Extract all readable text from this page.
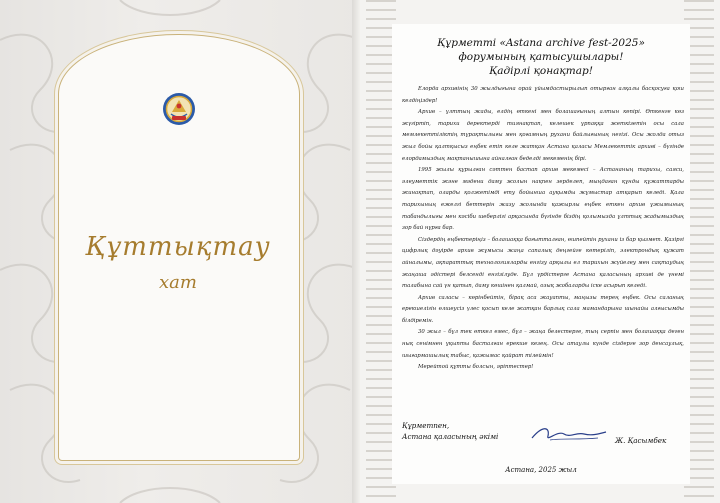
Құттықтау
хат
Құрметті «Astana archive fest-2025»
форумының қатысушылары!
Қадірлі қонақтар!

Елорда архивінің 30 жылдығына орай ұйымдастырылып отырған алқалы басқосуға қош келдіңіздер!

Архив – ұлттың жады, елдің өткені мен болашағының алтын көпірі. Өткенге көз жүгіртіп, тарихи деректерді тиянақтап, келешек ұрпаққа жеткізетін осы сала мемлекеттіліктің тұрақтылығы мен қоғамның рухани байлығының негізі. Осы жолда отыз жыл бойы қалтқысыз еңбек етіп келе жатқан Астана қаласы Мемлекеттік архиві – бүгінде елордамыздың мақтанышына айналған беделді мекеменің бірі.

1995 жылы құрылған сәттен бастап архив мекемесі – Астананың тарихы, саяси, әлеуметтік және мәдени даму жолын нақпен зерделеп, мыңдаған құнды құжаттарды жинақтап, оларды қолжетімді ету бойынша ауқымды жұмыстар атқарып келеді. Қала тарихының ежелгі беттерін жазу жолында қажырлы еңбек еткен архив ұжымының табандылығы мен кәсіби шеберлігі арқасында бүгінде біздің қолымызда ұлттық жадымыздың зор бай нұрға бар.

Сіздердің еңбектеріңіз – болашаққа бағытталған, өшпейтін рухани із бар қызмет. Қазіргі цифрлық дәуірде архив жұмысы жаңа сапалық деңгейге көтеріліп, электрондық құжат айналымы, ақпараттық технологияларды енгізу арқылы ел тарихын жүйелеу мен сақтаудың жаңаша әдістері белсенді енгізілуде. Бұл үрдістерге Астана қаласының архиві де үнемі талабына сай үн қатып, даму көшінен қалмай, озық жобаларды іске асырып келеді.

Архив саласы – көрінбейтін, бірақ аса жауапты, маңызы терең еңбек. Осы саланың ерекшелігін өлшеусіз үлес қосып келе жатқан барлық сала мамандарына шынайы алғысымды білдіремін.

30 жыл – бұл тек өткел емес, бұл – жаңа белестерге, тың серпін мен болашаққа деген нық сенімнен ұқыпты басталған ерекше кезең. Осы атаулы күнде сіздерге зор денсаулық, шығармашылық табыс, қажымас қайрат тілеймін!

Мерейтой құтты болсын, әріптестер!

Құрметпен,
Астана қаласының әкімі	Ж. Қасымбек
Астана, 2025 жыл
